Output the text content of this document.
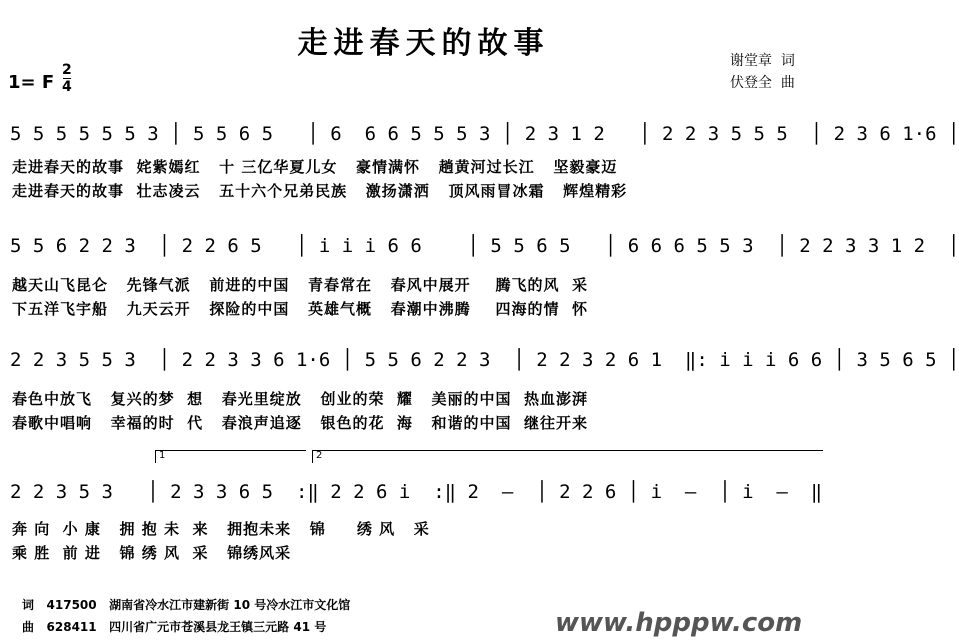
走进春天的故事
1= F
2
4
谢堂章  词
伏登全  曲
5 5 5 5 5 5 3 │ 5 5 6 5   │ 6  6 6 5 5 5 3 │ 2 3 1 2   │ 2 2 3 5 5 5  │ 2 3 6 1·6 │
走进春天的故事  姹紫嫣红   十 三亿华夏儿女   豪情满怀   趟黄河过长江   坚毅豪迈
走进春天的故事  壮志凌云   五十六个兄弟民族   激扬潇洒   顶风雨冒冰霜   辉煌精彩
5 5 6 2 2 3  │ 2 2 6 5   │ i i i 6 6    │ 5 5 6 5   │ 6 6 6 5 5 3  │ 2 2 3 3 1 2  │
越天山飞昆仑   先锋气派   前进的中国   青春常在   春风中展开    腾飞的风  采
下五洋飞宇船   九天云开   探险的中国   英雄气概   春潮中沸腾    四海的情  怀
2 2 3 5 5 3  │ 2 2 3 3 6 1·6 │ 5 5 6 2 2 3  │ 2 2 3 2 6 1  ‖: i i i 6 6 │ 3 5 6 5 │
春色中放飞   复兴的梦  想   春光里绽放   创业的荣  耀   美丽的中国  热血澎湃
春歌中唱响   幸福的时  代   春浪声追逐   银色的花  海   和谐的中国  继往开来
1	2
2 2 3 5 3   │ 2 3 3 6 5  :‖ 2 2 6 i  :‖ 2  –  │ 2 2 6 │ i  –  │ i  –  ‖
奔 向  小 康   拥 抱 未  来   拥抱未来   锦     绣 风   采
乘 胜  前 进   锦 绣 风  采   锦绣风采
词   417500   湖南省冷水江市建新街 10 号冷水江市文化馆
曲   628411   四川省广元市苍溪县龙王镇三元路 41 号	www.hpppw.com
